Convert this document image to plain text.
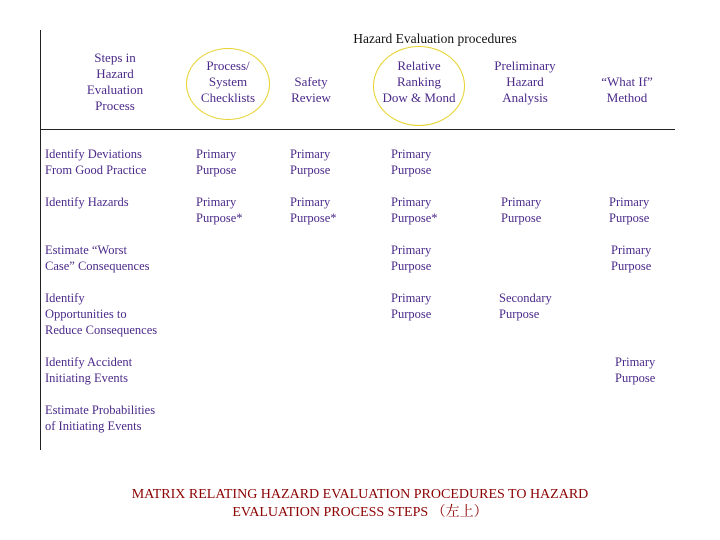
Hazard Evaluation procedures
Steps in
Hazard
Evaluation
Process
Process/
System
Checklists
Safety
Review
Relative
Ranking
Dow & Mond
Preliminary
Hazard
Analysis
“What If”
Method
Identify Deviations
From Good Practice
Primary
Purpose
Primary
Purpose
Primary
Purpose
Identify Hazards	Primary
Purpose*
Primary
Purpose*
Primary
Purpose*
Primary
Purpose
Primary
Purpose
Estimate “Worst
Case” Consequences
Primary
Purpose
Primary
Purpose
Identify
Opportunities to
Reduce Consequences
Primary
Purpose
Secondary
Purpose
Identify Accident
Initiating Events
Primary
Purpose
Estimate Probabilities
of Initiating Events
MATRIX RELATING HAZARD EVALUATION PROCEDURES TO HAZARD
EVALUATION PROCESS STEPS （左上）
